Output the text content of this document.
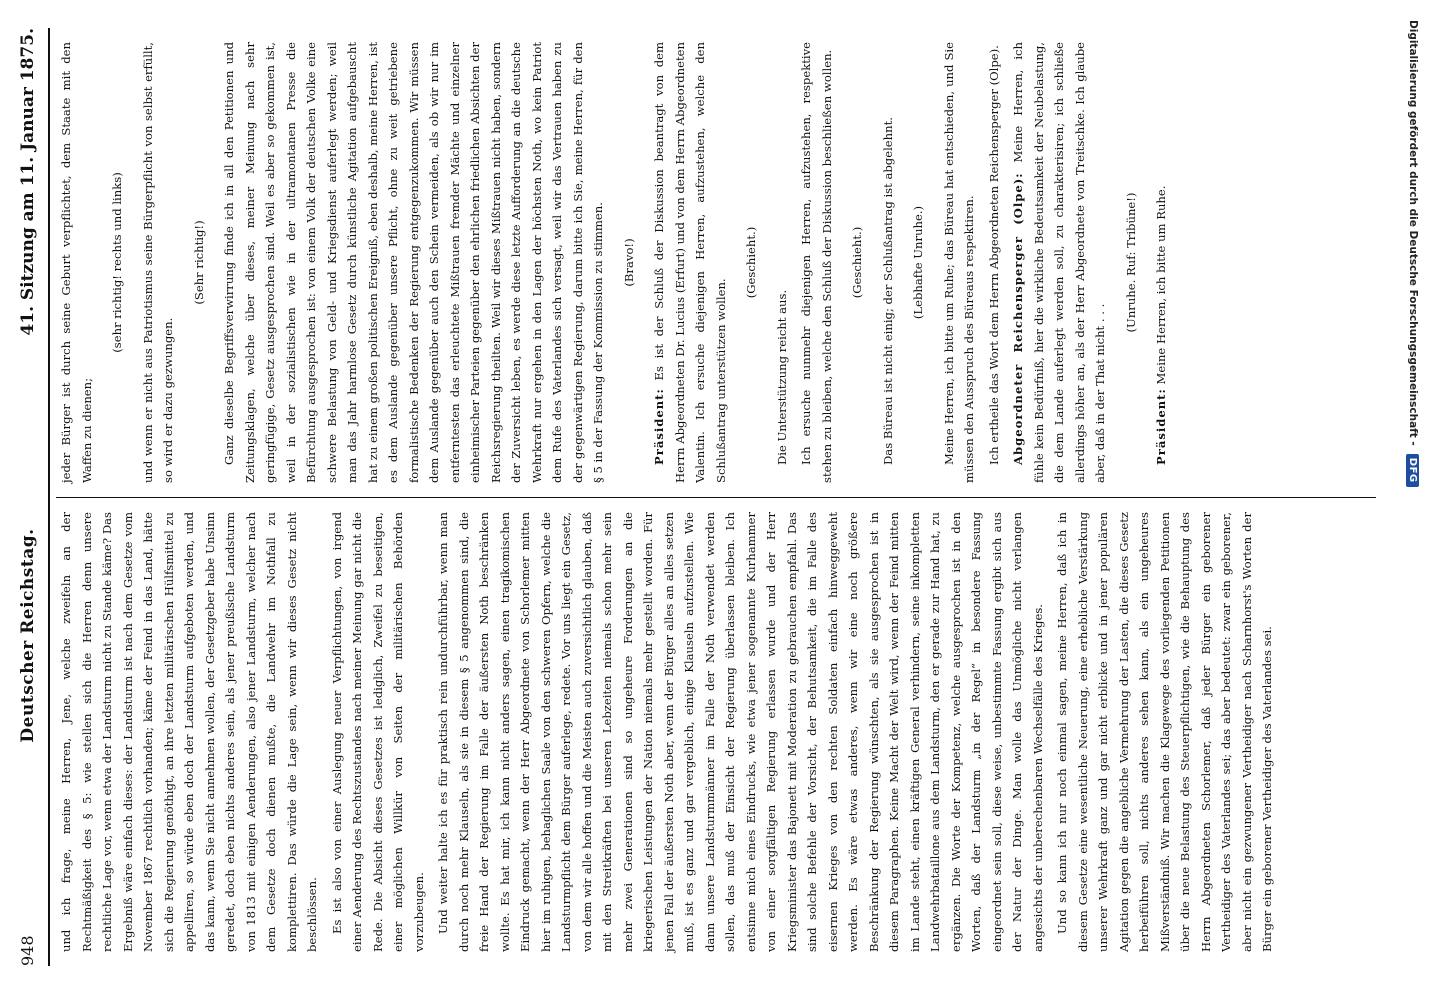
948
Deutscher Reichstag.
41. Sitzung am 11. Januar 1875.

und ich frage, meine Herren, Jene, welche zweifeln an der Rechtmäßigkeit des § 5: wie stellen sich die Herren denn unsere rechtliche Lage vor, wenn etwa der Landsturm nicht zu Stande käme? Das Ergebniß wäre einfach dieses: der Landsturm ist nach dem Gesetze vom November 1867 rechtlich vorhanden; käme der Feind in das Land, hätte sich die Regierung genöthigt, an ihre letzten militärischen Hülfsmittel zu appelliren, so würde eben doch der Landsturm aufgeboten werden, und das kann, wenn Sie nicht annehmen wollen, der Gesetzgeber habe Unsinn geredet, doch eben nichts anderes sein, als jener preußische Landsturm von 1813 mit einigen Aenderungen, also jener Landsturm, welcher nach dem Gesetze doch dienen mußte, die Landwehr im Nothfall zu komplettiren. Das würde die Lage sein, wenn wir dieses Gesetz nicht beschlössen. Es ist also von einer Auslegung neuer Verpflichtungen, von irgend einer Aenderung des Rechtszustandes nach meiner Meinung gar nicht die Rede. Die Absicht dieses Gesetzes ist lediglich, Zweifel zu beseitigen, einer möglichen Willkür von Seiten der militärischen Behörden vorzubeugen. Und weiter halte ich es für praktisch rein undurchführbar, wenn man durch noch mehr Klauseln, als sie in diesem § 5 angenommen sind, die freie Hand der Regierung im Falle der äußersten Noth beschränken wollte. Es hat mir, ich kann nicht anders sagen, einen tragikomischen Eindruck gemacht, wenn der Herr Abgeordnete von Schorlemer mitten hier im ruhigen, behaglichen Saale von den schweren Opfern, welche die Landsturmpflicht dem Bürger auferlege, redete. Vor uns liegt ein Gesetz, von dem wir alle hoffen und die Meisten auch zuversichtlich glauben, daß mit den Streitkräften bei unseren Lebzeiten niemals schon mehr sein mehr zwei Generationen sind so ungeheure Forderungen an die kriegerischen Leistungen der Nation niemals mehr gestellt worden. Für jenen Fall der äußersten Noth aber, wenn der Bürger alles an alles setzen muß, ist es ganz und gar vergeblich, einige Klauseln aufzustellen. Wie dann unsere Landsturmmänner im Falle der Noth verwendet werden sollen, das muß der Einsicht der Regierung überlassen bleiben. Ich entsinne mich eines Eindrucks, wie etwa jener sogenannte Kurhammer von einer sorgfältigen Regierung erlassen wurde und der Herr Kriegsminister das Bajonett mit Moderation zu gebrauchen empfahl. Das sind solche Befehle der Vorsicht, der Behutsamkeit, die im Falle des eisernen Krieges von den rechten Soldaten einfach hinweggeweht werden. Es wäre etwas anderes, wenn wir eine noch größere Beschränkung der Regierung wünschten, als sie ausgesprochen ist in diesem Paragraphen. Keine Macht der Welt wird, wenn der Feind mitten im Lande steht, einen kräftigen General verhindern, seine inkompletten Landwehrbataillone aus dem Landsturm, den er gerade zur Hand hat, zu ergänzen. Die Worte der Kompetenz, welche ausgesprochen ist in den Worten, daß der Landsturm „in der Regel“ in besondere Fassung eingeordnet sein soll, diese weise, unbestimmte Fassung ergibt sich aus der Natur der Dinge. Man wolle das Unmögliche nicht verlangen angesichts der unberechenbaren Wechselfälle des Krieges. Und so kann ich nur noch einmal sagen, meine Herren, daß ich in diesem Gesetze eine wesentliche Neuerung, eine erhebliche Verstärkung unserer Wehrkraft ganz und gar nicht erblicke und in jener populären Agitation gegen die angebliche Vermehrung der Lasten, die dieses Gesetz herbeiführen soll, nichts anderes sehen kann, als ein ungeheures Mißverständniß. Wir machen die Klagewege des vorliegenden Petitionen über die neue Belastung des Steuerpflichtigen, wie die Behauptung des Herrn Abgeordneten Schorlemer, daß jeder Bürger ein geborener Vertheidiger des Vaterlandes sei; das aber bedeutet: zwar ein geborener, aber nicht ein gezwungener Vertheidiger nach Scharnhorst's Worten der Bürger ein geborener Vertheidiger des Vaterlandes sei.

jeder Bürger ist durch seine Geburt verpflichtet, dem Staate mit den Waffen zu dienen;

(sehr richtig! rechts und links)	und wenn er nicht aus Patriotismus seine Bürgerpflicht von selbst erfüllt, so wird er dazu gezwungen.

(Sehr richtig!)	Ganz dieselbe Begriffsverwirrung finde ich in all den Petitionen und Zeitungsklagen, welche über dieses, meiner Meinung nach sehr geringfügige, Gesetz ausgesprochen sind. Weil es aber so gekommen ist, weil in der sozialistischen wie in der ultramontanen Presse die Befürchtung ausgesprochen ist: von einem Volk der deutschen Volke eine schwere Belastung von Geld- und Kriegsdienst auferlegt werden; weil man das Jahr harmlose Gesetz durch künstliche Agitation aufgebauscht hat zu einem großen politischen Ereigniß, eben deshalb, meine Herren, ist es dem Auslande gegenüber unsere Pflicht, ohne zu weit getriebene formalistische Bedenken der Regierung entgegenzukommen. Wir müssen dem Auslande gegenüber auch den Schein vermeiden, als ob wir nur im entferntesten das erleuchtete Mißtrauen fremder Mächte und einzelner einheimischer Parteien gegenüber den ehrlichen friedlichen Absichten der Reichsregierung theilten. Weil wir dieses Mißtrauen nicht haben, sondern der Zuversicht leben, es werde diese letzte Aufforderung an die deutsche Wehrkraft nur ergehen in den Lagen der höchsten Noth, wo kein Patriot dem Rufe des Vaterlandes sich versagt, weil wir das Vertrauen haben zu der gegenwärtigen Regierung, darum bitte ich Sie, meine Herren, für den § 5 in der Fassung der Kommission zu stimmen.	(Bravo!)

Präsident: Es ist der Schluß der Diskussion beantragt von dem Herrn Abgeordneten Dr. Lucius (Erfurt) und von dem Herrn Abgeordneten Valentin. Ich ersuche diejenigen Herren, aufzustehen, welche den Schlußantrag unterstützen wollen.

(Geschieht.)

Die Unterstützung reicht aus. Ich ersuche nunmehr diejenigen Herren, aufzustehen, respektive stehen zu bleiben, welche den Schluß der Diskussion beschließen wollen.	(Geschieht.)	Das Büreau ist nicht einig; der Schlußantrag ist abgelehnt.	(Lebhafte Unruhe.)	Meine Herren, ich bitte um Ruhe; das Büreau hat entschieden, und Sie müssen den Ausspruch des Büreaus respektiren. Ich ertheile das Wort dem Herrn Abgeordneten Reichensperger (Olpe). Abgeordneter Reichensperger (Olpe): Meine Herren, ich fühle kein Bedürfniß, hier die wirkliche Bedeutsamkeit der Neubelastung, die dem Lande auferlegt werden soll, zu charakterisiren; ich schließe allerdings höher an, als der Herr Abgeordnete von Treitschke. Ich glaube aber, daß in der That nicht . . .

(Unruhe. Ruf: Tribüne!)

Präsident: Meine Herren, ich bitte um Ruhe.	Digitalisierung gefördert durch die Deutsche Forschungsgemeinschaft -
DFG
